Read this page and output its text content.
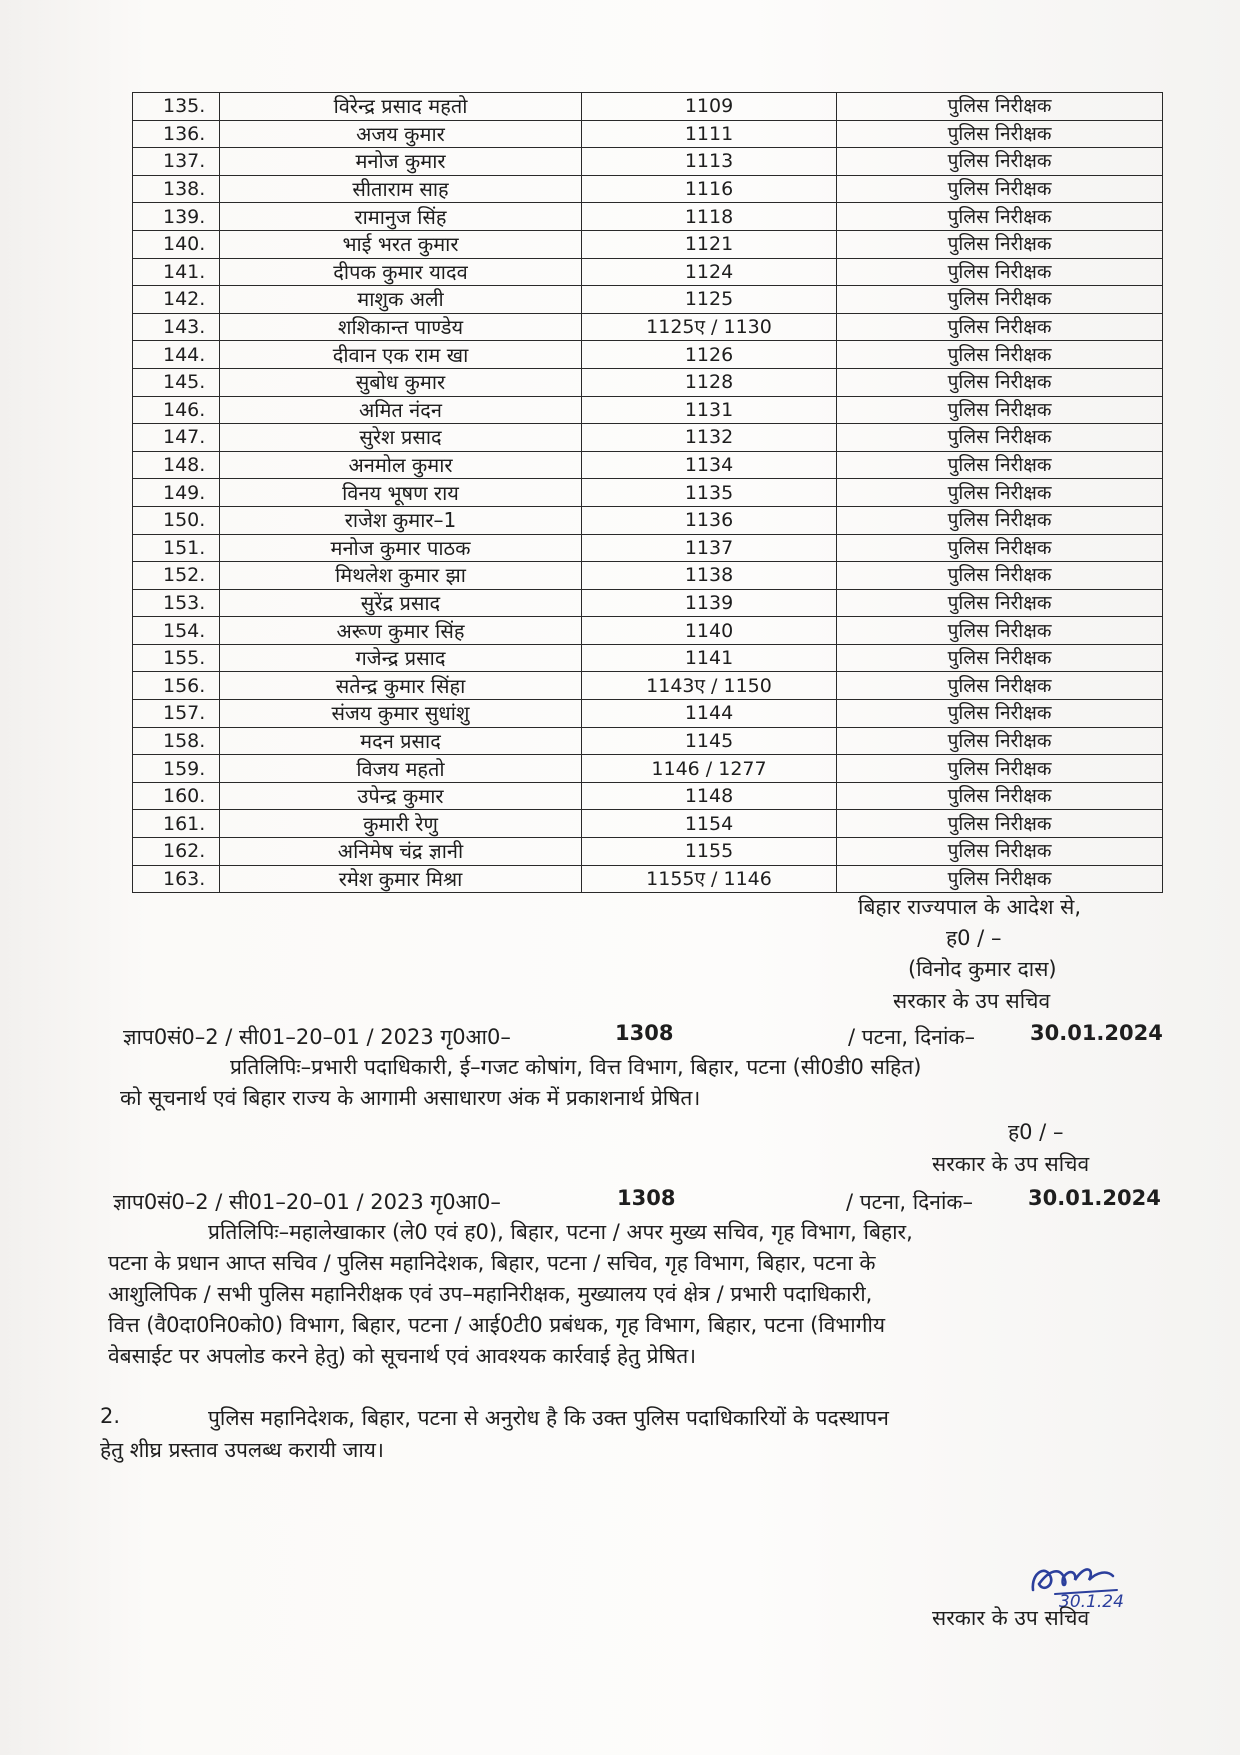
135.	विरेन्द्र प्रसाद महतो	1109	पुलिस निरीक्षक
136.	अजय कुमार	1111	पुलिस निरीक्षक
137.	मनोज कुमार	1113	पुलिस निरीक्षक
138.	सीताराम साह	1116	पुलिस निरीक्षक
139.	रामानुज सिंह	1118	पुलिस निरीक्षक
140.	भाई भरत कुमार	1121	पुलिस निरीक्षक
141.	दीपक कुमार यादव	1124	पुलिस निरीक्षक
142.	माशुक अली	1125	पुलिस निरीक्षक
143.	शशिकान्त पाण्डेय	1125ए / 1130	पुलिस निरीक्षक
144.	दीवान एक राम खा	1126	पुलिस निरीक्षक
145.	सुबोध कुमार	1128	पुलिस निरीक्षक
146.	अमित नंदन	1131	पुलिस निरीक्षक
147.	सुरेश प्रसाद	1132	पुलिस निरीक्षक
148.	अनमोल कुमार	1134	पुलिस निरीक्षक
149.	विनय भूषण राय	1135	पुलिस निरीक्षक
150.	राजेश कुमार–1	1136	पुलिस निरीक्षक
151.	मनोज कुमार पाठक	1137	पुलिस निरीक्षक
152.	मिथलेश कुमार झा	1138	पुलिस निरीक्षक
153.	सुरेंद्र प्रसाद	1139	पुलिस निरीक्षक
154.	अरूण कुमार सिंह	1140	पुलिस निरीक्षक
155.	गजेन्द्र प्रसाद	1141	पुलिस निरीक्षक
156.	सतेन्द्र कुमार सिंहा	1143ए / 1150	पुलिस निरीक्षक
157.	संजय कुमार सुधांशु	1144	पुलिस निरीक्षक
158.	मदन प्रसाद	1145	पुलिस निरीक्षक
159.	विजय महतो	1146 / 1277	पुलिस निरीक्षक
160.	उपेन्द्र कुमार	1148	पुलिस निरीक्षक
161.	कुमारी रेणु	1154	पुलिस निरीक्षक
162.	अनिमेष चंद्र ज्ञानी	1155	पुलिस निरीक्षक
163.	रमेश कुमार मिश्रा	1155ए / 1146	पुलिस निरीक्षक
बिहार राज्यपाल के आदेश से,
ह0 / –
(विनोद कुमार दास)
सरकार के उप सचिव
ज्ञाप0सं0–2 / सी01–20–01 / 2023 गृ0आ0–	1308	/ पटना, दिनांक–	30.01.2024
प्रतिलिपिः–प्रभारी पदाधिकारी, ई–गजट कोषांग, वित्त विभाग, बिहार, पटना (सी0डी0 सहित)
को सूचनार्थ एवं बिहार राज्य के आगामी असाधारण अंक में प्रकाशनार्थ प्रेषित।
ह0 / –
सरकार के उप सचिव
ज्ञाप0सं0–2 / सी01–20–01 / 2023 गृ0आ0–	1308	/ पटना, दिनांक–	30.01.2024

प्रतिलिपिः–महालेखाकार (ले0 एवं ह0), बिहार, पटना / अपर मुख्य सचिव, गृह विभाग, बिहार,

पटना के प्रधान आप्त सचिव / पुलिस महानिदेशक, बिहार, पटना / सचिव, गृह विभाग, बिहार, पटना के

आशुलिपिक / सभी पुलिस महानिरीक्षक एवं उप–महानिरीक्षक, मुख्यालय एवं क्षेत्र / प्रभारी पदाधिकारी,

वित्त (वै0दा0नि0को0) विभाग, बिहार, पटना / आई0टी0 प्रबंधक, गृह विभाग, बिहार, पटना (विभागीय

वेबसाईट पर अपलोड करने हेतु) को सूचनार्थ एवं आवश्यक कार्रवाई हेतु प्रेषित।

2.	पुलिस महानिदेशक, बिहार, पटना से अनुरोध है कि उक्त पुलिस पदाधिकारियों के पदस्थापन
हेतु शीघ्र प्रस्ताव उपलब्ध करायी जाय।
30.1.24
सरकार के उप सचिव
